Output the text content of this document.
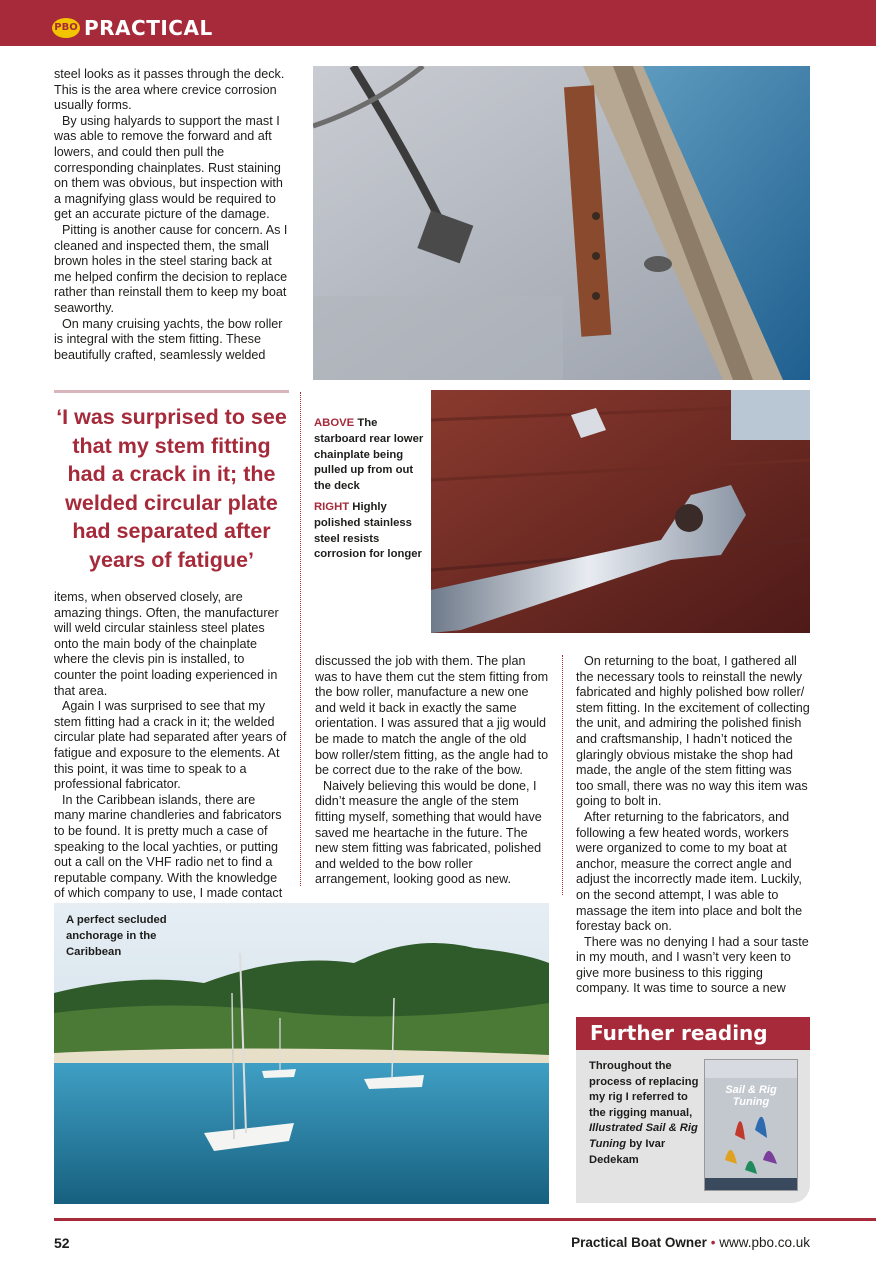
PBO PRACTICAL

steel looks as it passes through the deck. This is the area where crevice corrosion usually forms.

By using halyards to support the mast I was able to remove the forward and aft lowers, and could then pull the corresponding chainplates. Rust staining on them was obvious, but inspection with a magnifying glass would be required to get an accurate picture of the damage.

Pitting is another cause for concern. As I cleaned and inspected them, the small brown holes in the steel staring back at me helped confirm the decision to replace rather than reinstall them to keep my boat seaworthy.

On many cruising yachts, the bow roller is integral with the stem fitting. These beautifully crafted, seamlessly welded

‘I was surprised to see that my stem fitting had a crack in it; the welded circular plate had separated after years of fatigue’

items, when observed closely, are amazing things. Often, the manufacturer will weld circular stainless steel plates onto the main body of the chainplate where the clevis pin is installed, to counter the point loading experienced in that area.

Again I was surprised to see that my stem fitting had a crack in it; the welded circular plate had separated after years of fatigue and exposure to the elements. At this point, it was time to speak to a professional fabricator.

In the Caribbean islands, there are many marine chandleries and fabricators to be found. It is pretty much a case of speaking to the local yachties, or putting out a call on the VHF radio net to find a reputable company. With the knowledge of which company to use, I made contact

ABOVE The starboard rear lower chainplate being pulled up from out the deck
RIGHT Highly polished stainless steel resists corrosion for longer

discussed the job with them. The plan was to have them cut the stem fitting from the bow roller, manufacture a new one and weld it back in exactly the same orientation. I was assured that a jig would be made to match the angle of the old bow roller/stem fitting, as the angle had to be correct due to the rake of the bow.

Naively believing this would be done, I didn’t measure the angle of the stem fitting myself, something that would have saved me heartache in the future. The new stem fitting was fabricated, polished and welded to the bow roller arrangement, looking good as new.

On returning to the boat, I gathered all the necessary tools to reinstall the newly fabricated and highly polished bow roller/ stem fitting. In the excitement of collecting the unit, and admiring the polished finish and craftsmanship, I hadn’t noticed the glaringly obvious mistake the shop had made, the angle of the stem fitting was too small, there was no way this item was going to bolt in.

After returning to the fabricators, and following a few heated words, workers were organized to come to my boat at anchor, measure the correct angle and adjust the incorrectly made item. Luckily, on the second attempt, I was able to massage the item into place and bolt the forestay back on.

There was no denying I had a sour taste in my mouth, and I wasn’t very keen to give more business to this rigging company. It was time to source a new

A perfect secluded anchorage in the Caribbean
Further reading
Throughout the process of replacing my rig I referred to the rigging manual, Illustrated Sail & Rig Tuning by Ivar Dedekam
Sail & Rig Tuning
52	Practical Boat Owner • www.pbo.co.uk
